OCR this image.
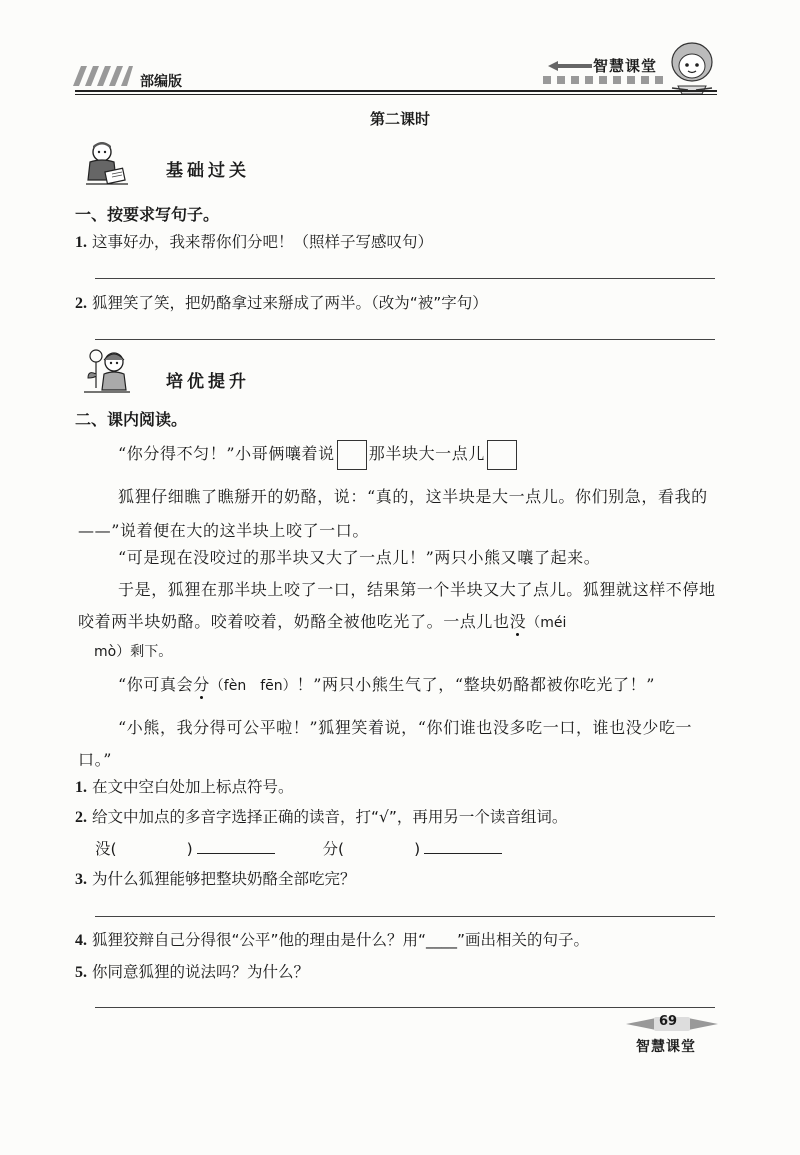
部编版
智慧课堂
第二课时
基础过关
一、按要求写句子。
1. 这事好办，我来帮你们分吧！（照样子写感叹句）
2. 狐狸笑了笑，把奶酪拿过来掰成了两半。（改为“被”字句）
培优提升
二、课内阅读。
“你分得不匀！”小哥俩嚷着说 那半块大一点儿
狐狸仔细瞧了瞧掰开的奶酪，说：“真的，这半块是大一点儿。你们别急，看我的——”说着便在大的这半块上咬了一口。
“可是现在没咬过的那半块又大了一点儿！”两只小熊又嚷了起来。
于是，狐狸在那半块上咬了一口，结果第一个半块又大了点儿。狐狸就这样不停地咬着两半块奶酪。咬着咬着，奶酪全被他吃光了。一点儿也没（méi
mò）剩下。
“你可真会分（fèn　fēn）！”两只小熊生气了，“整块奶酪都被你吃光了！”
“小熊，我分得可公平啦！”狐狸笑着说，“你们谁也没多吃一口，谁也没少吃一口。”
1. 在文中空白处加上标点符号。
2. 给文中加点的多音字选择正确的读音，打“√”，再用另一个读音组词。
没(	)	分(	)
3. 为什么狐狸能够把整块奶酪全部吃完？
4. 狐狸狡辩自己分得很“公平”他的理由是什么？用“____”画出相关的句子。
5. 你同意狐狸的说法吗？为什么？
69
智慧课堂
